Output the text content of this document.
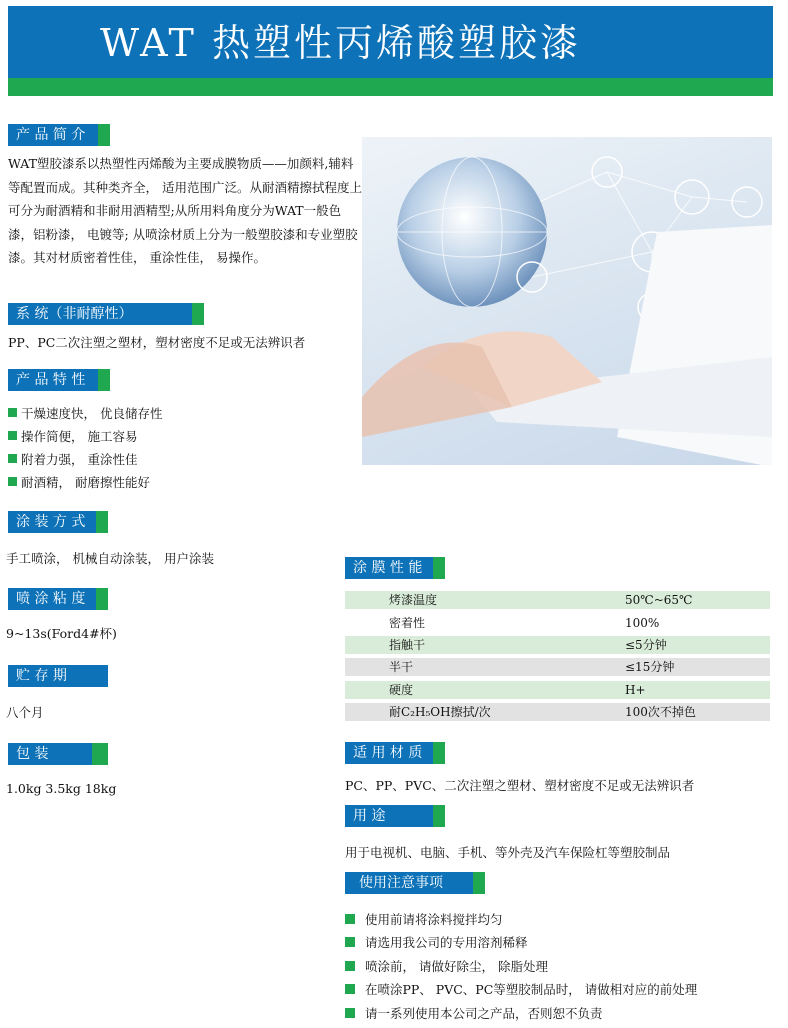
WAT 热塑性丙烯酸塑胶漆
产 品 简 介
WAT塑胶漆系以热塑性丙烯酸为主要成膜物质——加颜料,辅料等配置而成。其种类齐全， 适用范围广泛。从耐酒精擦拭程度上可分为耐酒精和非耐用酒精型;从所用料角度分为WAT一般色漆，铝粉漆， 电镀等; 从喷涂材质上分为一般塑胶漆和专业塑胶漆。其对材质密着性佳， 重涂性佳， 易操作。
系 统（非耐醇性）
PP、PC二次注塑之塑材，塑材密度不足或无法辨识者
产 品 特 性
干燥速度快， 优良储存性
操作简便， 施工容易
附着力强， 重涂性佳
耐酒精， 耐磨擦性能好
涂 装 方 式
手工喷涂， 机械自动涂装， 用户涂装
喷 涂 粘 度
9~13s(Ford4#杯)
贮 存 期
八个月
包 装
1.0kg 3.5kg 18kg
涂 膜 性 能
烤漆温度	50℃~65℃
密着性	100%
指触干	≤5分钟
半干	≤15分钟
硬度	H+
耐C₂H₅OH擦拭/次	100次不掉色
适 用 材 质
PC、PP、PVC、二次注塑之塑材、塑材密度不足或无法辨识者
用 途
用于电视机、电脑、手机、等外壳及汽车保险杠等塑胶制品
使用注意事项
使用前请将涂料搅拌均匀
请选用我公司的专用溶剂稀释
喷涂前， 请做好除尘， 除脂处理
在喷涂PP、 PVC、PC等塑胶制品时， 请做相对应的前处理
请一系列使用本公司之产品，否则恕不负责
